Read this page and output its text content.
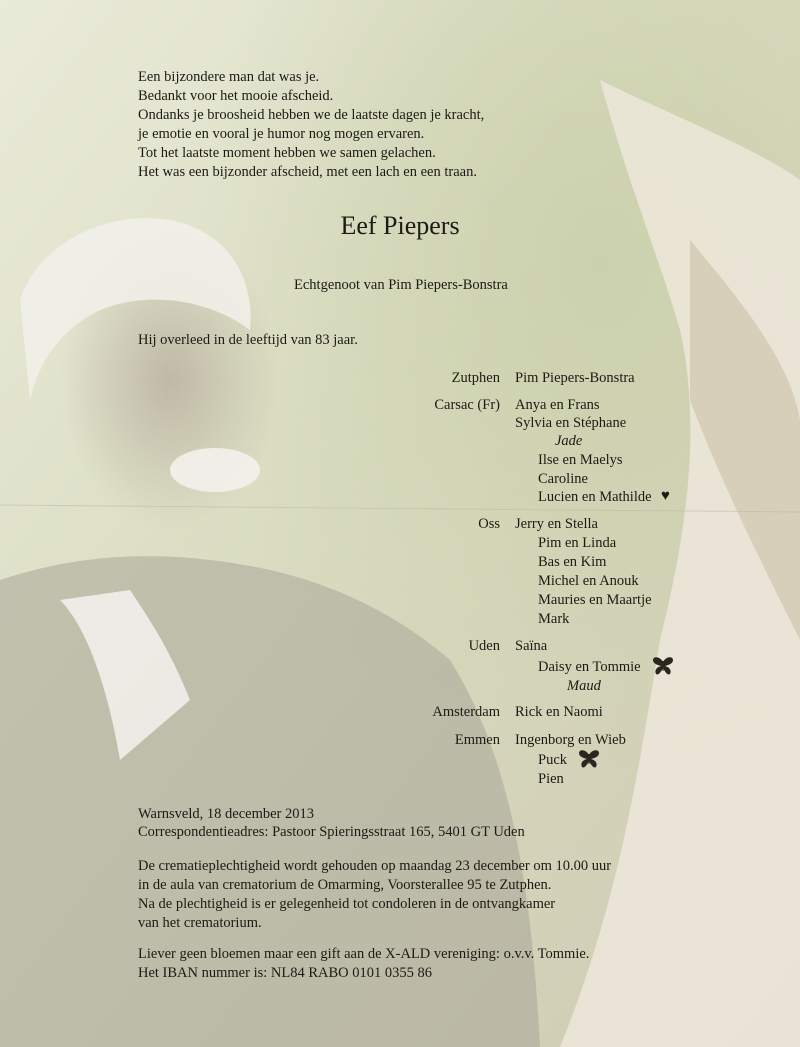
Een bijzondere man dat was je.
Bedankt voor het mooie afscheid.
Ondanks je broosheid hebben we de laatste dagen je kracht,
je emotie en vooral je humor nog mogen ervaren.
Tot het laatste moment hebben we samen gelachen.
Het was een bijzonder afscheid, met een lach en een traan.
Eef Piepers
Echtgenoot van Pim Piepers-Bonstra
Hij overleed in de leeftijd van 83 jaar.
Zutphen Pim Piepers-Bonstra
Carsac (Fr) Anya en Frans
Sylvia en Stéphane
Jade
Ilse en Maelys
Caroline
Lucien en Mathilde ♥
Oss Jerry en Stella
Pim en Linda
Bas en Kim
Michel en Anouk
Mauries en Maartje
Mark
Uden Saïna
Daisy en Tommie
Maud
Amsterdam Rick en Naomi
Emmen Ingenborg en Wieb
Puck
Pien
Warnsveld, 18 december 2013
Correspondentieadres: Pastoor Spieringsstraat 165, 5401 GT Uden
De crematieplechtigheid wordt gehouden op maandag 23 december om 10.00 uur
in de aula van crematorium de Omarming, Voorsterallee 95 te Zutphen.
Na de plechtigheid is er gelegenheid tot condoleren in de ontvangkamer
van het crematorium.
Liever geen bloemen maar een gift aan de X-ALD vereniging: o.v.v. Tommie.
Het IBAN nummer is: NL84 RABO 0101 0355 86
